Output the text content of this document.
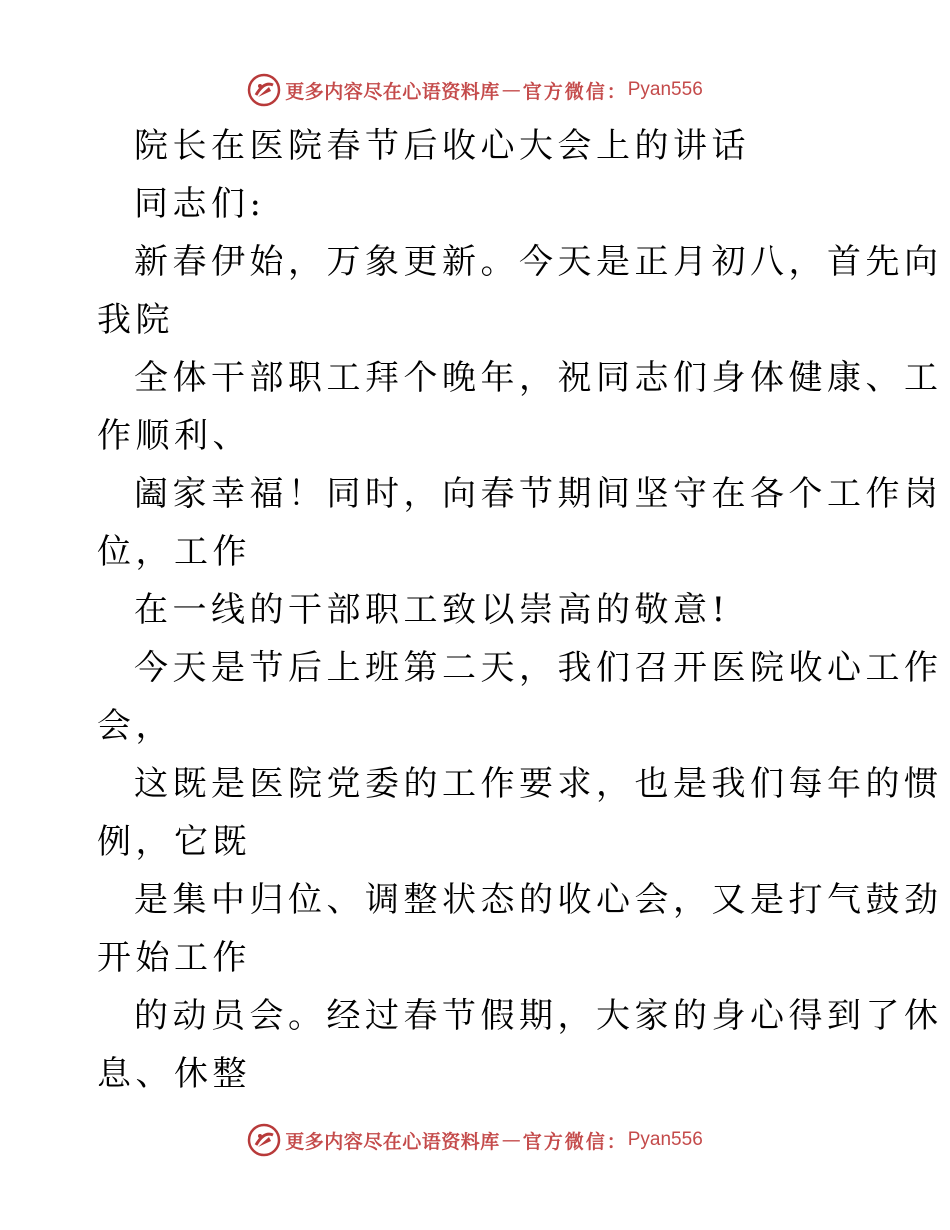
更多内容尽在心语资料库 — 官方微信： Pyan556
院长在医院春节后收心大会上的讲话
同志们:
新春伊始，万象更新。今天是正月初八，首先向
我院
全体干部职工拜个晚年，祝同志们身体健康、工
作顺利、
阖家幸福！同时，向春节期间坚守在各个工作岗
位，工作
在一线的干部职工致以崇高的敬意!
今天是节后上班第二天，我们召开医院收心工作
会，
这既是医院党委的工作要求，也是我们每年的惯
例，它既
是集中归位、调整状态的收心会，又是打气鼓劲
开始工作
的动员会。经过春节假期，大家的身心得到了休
息、休整
更多内容尽在心语资料库 — 官方微信： Pyan556
